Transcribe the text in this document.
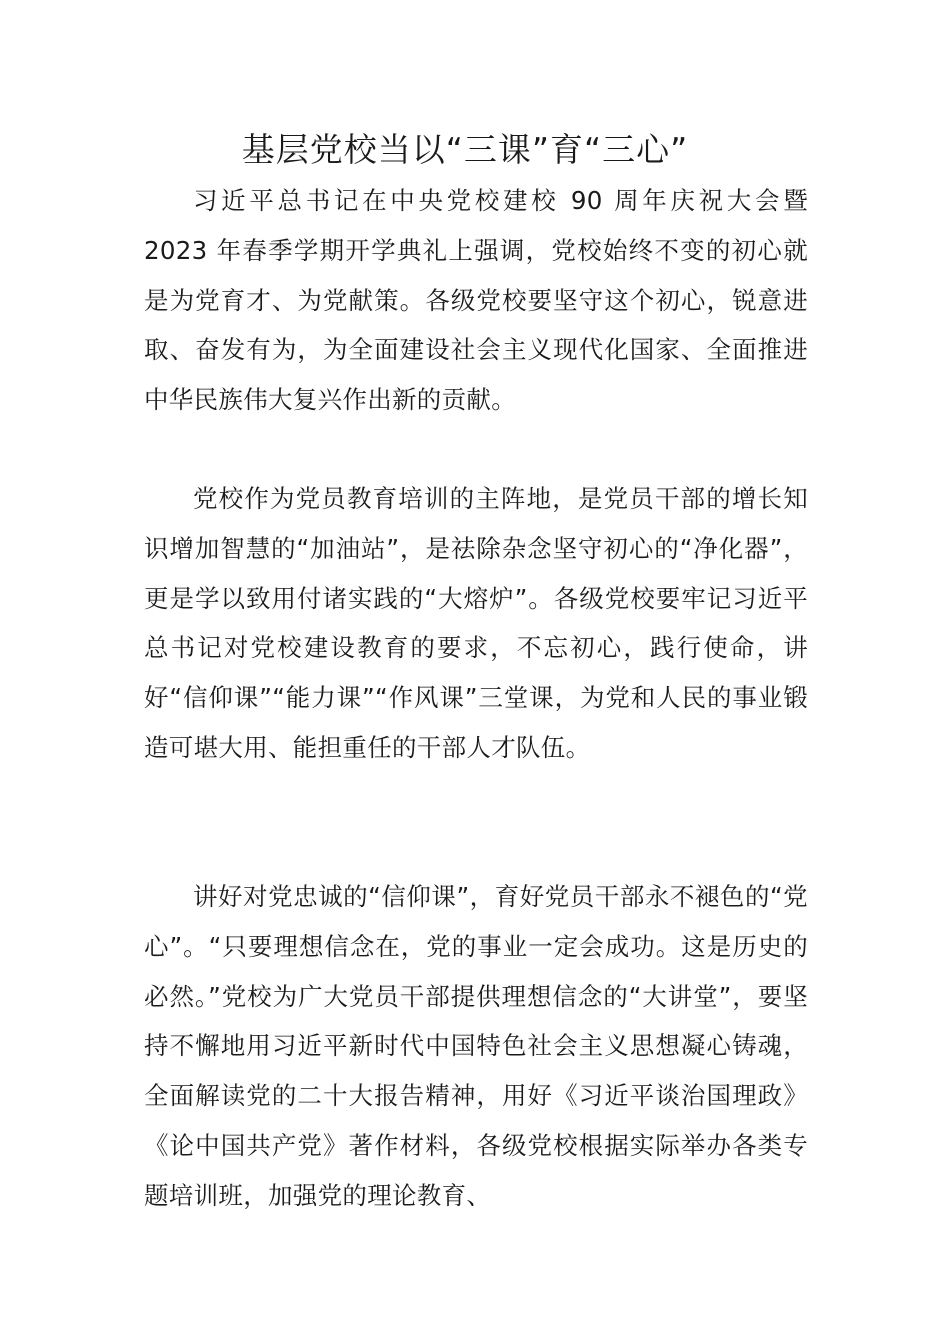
基层党校当以“三课”育“三心”

习近平总书记在中央党校建校 90 周年庆祝大会暨 2023 年春季学期开学典礼上强调，党校始终不变的初心就是为党育才、为党献策。各级党校要坚守这个初心，锐意进取、奋发有为，为全面建设社会主义现代化国家、全面推进中华民族伟大复兴作出新的贡献。

党校作为党员教育培训的主阵地，是党员干部的增长知识增加智慧的“加油站”，是祛除杂念坚守初心的“净化器”，更是学以致用付诸实践的“大熔炉”。各级党校要牢记习近平总书记对党校建设教育的要求，不忘初心，践行使命，讲好“信仰课”“能力课”“作风课”三堂课，为党和人民的事业锻造可堪大用、能担重任的干部人才队伍。

讲好对党忠诚的“信仰课”，育好党员干部永不褪色的“党心”。“只要理想信念在，党的事业一定会成功。这是历史的必然。”党校为广大党员干部提供理想信念的“大讲堂”，要坚持不懈地用习近平新时代中国特色社会主义思想凝心铸魂，全面解读党的二十大报告精神，用好《习近平谈治国理政》《论中国共产党》著作材料，各级党校根据实际举办各类专题培训班，加强党的理论教育、
